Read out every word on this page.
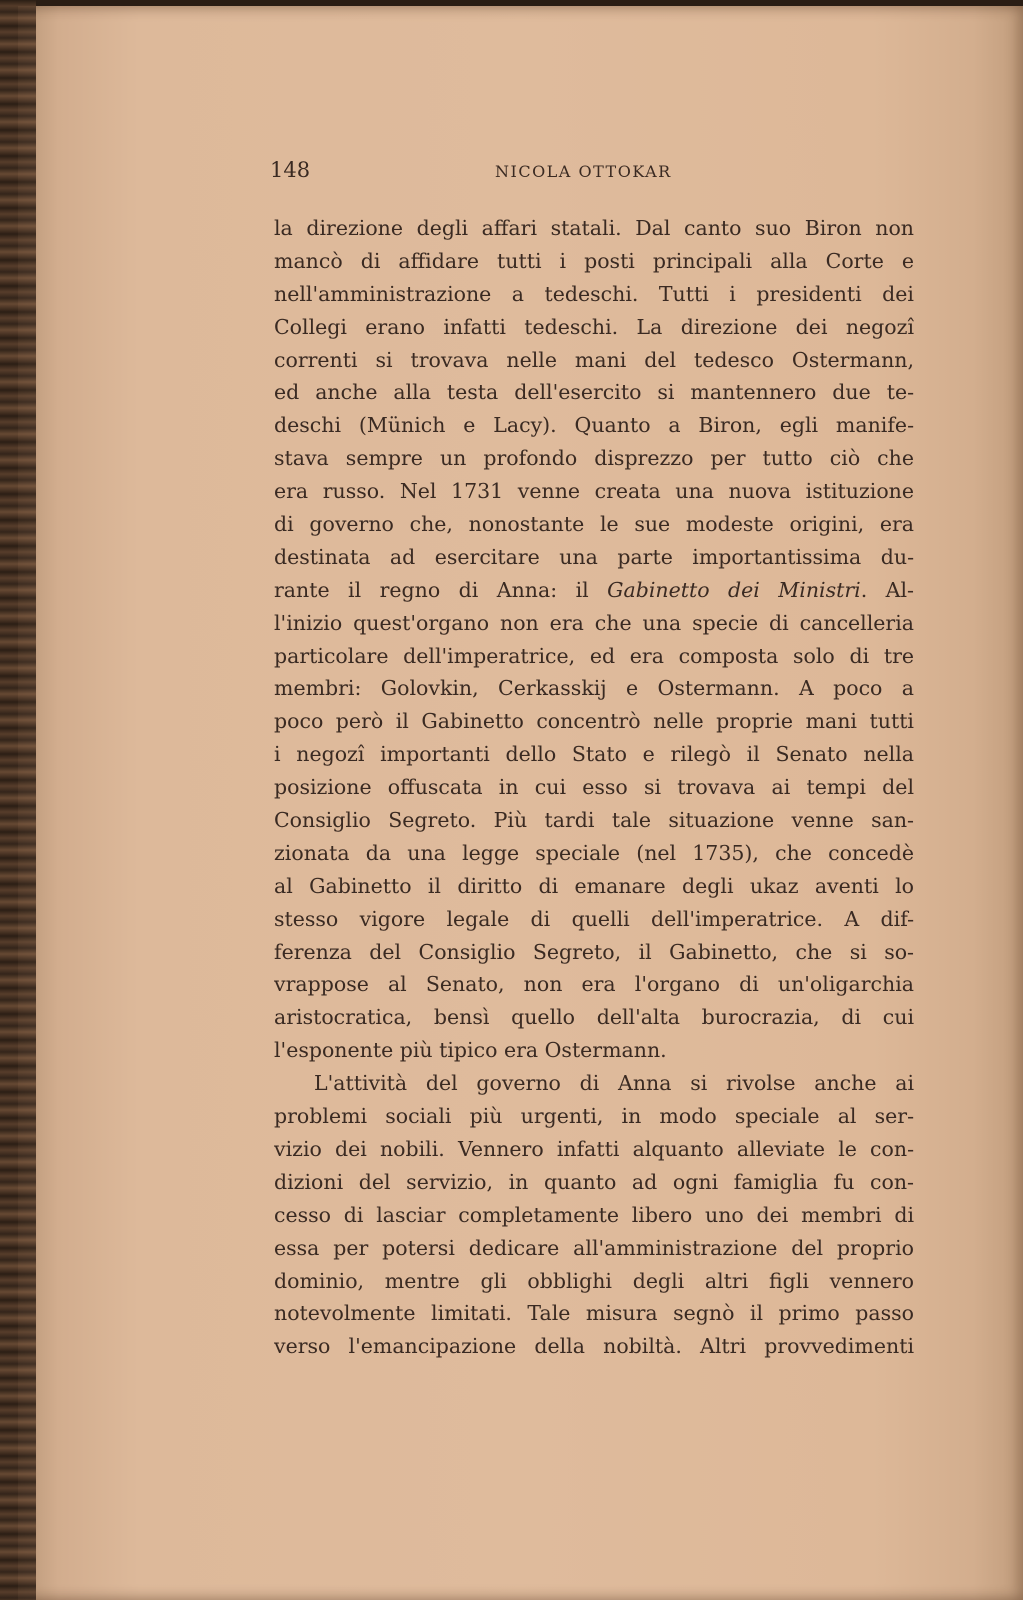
148	NICOLA OTTOKAR
la direzione degli affari statali. Dal canto suo Biron non
mancò di affidare tutti i posti principali alla Corte e
nell'amministrazione a tedeschi. Tutti i presidenti dei
Collegi erano infatti tedeschi. La direzione dei negozî
correnti si trovava nelle mani del tedesco Ostermann,
ed anche alla testa dell'esercito si mantennero due te-
deschi (Münich e Lacy). Quanto a Biron, egli manife-
stava sempre un profondo disprezzo per tutto ciò che
era russo. Nel 1731 venne creata una nuova istituzione
di governo che, nonostante le sue modeste origini, era
destinata ad esercitare una parte importantissima du-
rante il regno di Anna: il Gabinetto dei Ministri. Al-
l'inizio quest'organo non era che una specie di cancelleria
particolare dell'imperatrice, ed era composta solo di tre
membri: Golovkin, Cerkasskij e Ostermann. A poco a
poco però il Gabinetto concentrò nelle proprie mani tutti
i negozî importanti dello Stato e rilegò il Senato nella
posizione offuscata in cui esso si trovava ai tempi del
Consiglio Segreto. Più tardi tale situazione venne san-
zionata da una legge speciale (nel 1735), che concedè
al Gabinetto il diritto di emanare degli ukaz aventi lo
stesso vigore legale di quelli dell'imperatrice. A dif-
ferenza del Consiglio Segreto, il Gabinetto, che si so-
vrappose al Senato, non era l'organo di un'oligarchia
aristocratica, bensì quello dell'alta burocrazia, di cui
l'esponente più tipico era Ostermann.
L'attività del governo di Anna si rivolse anche ai
problemi sociali più urgenti, in modo speciale al ser-
vizio dei nobili. Vennero infatti alquanto alleviate le con-
dizioni del servizio, in quanto ad ogni famiglia fu con-
cesso di lasciar completamente libero uno dei membri di
essa per potersi dedicare all'amministrazione del proprio
dominio, mentre gli obblighi degli altri figli vennero
notevolmente limitati. Tale misura segnò il primo passo
verso l'emancipazione della nobiltà. Altri provvedimenti
